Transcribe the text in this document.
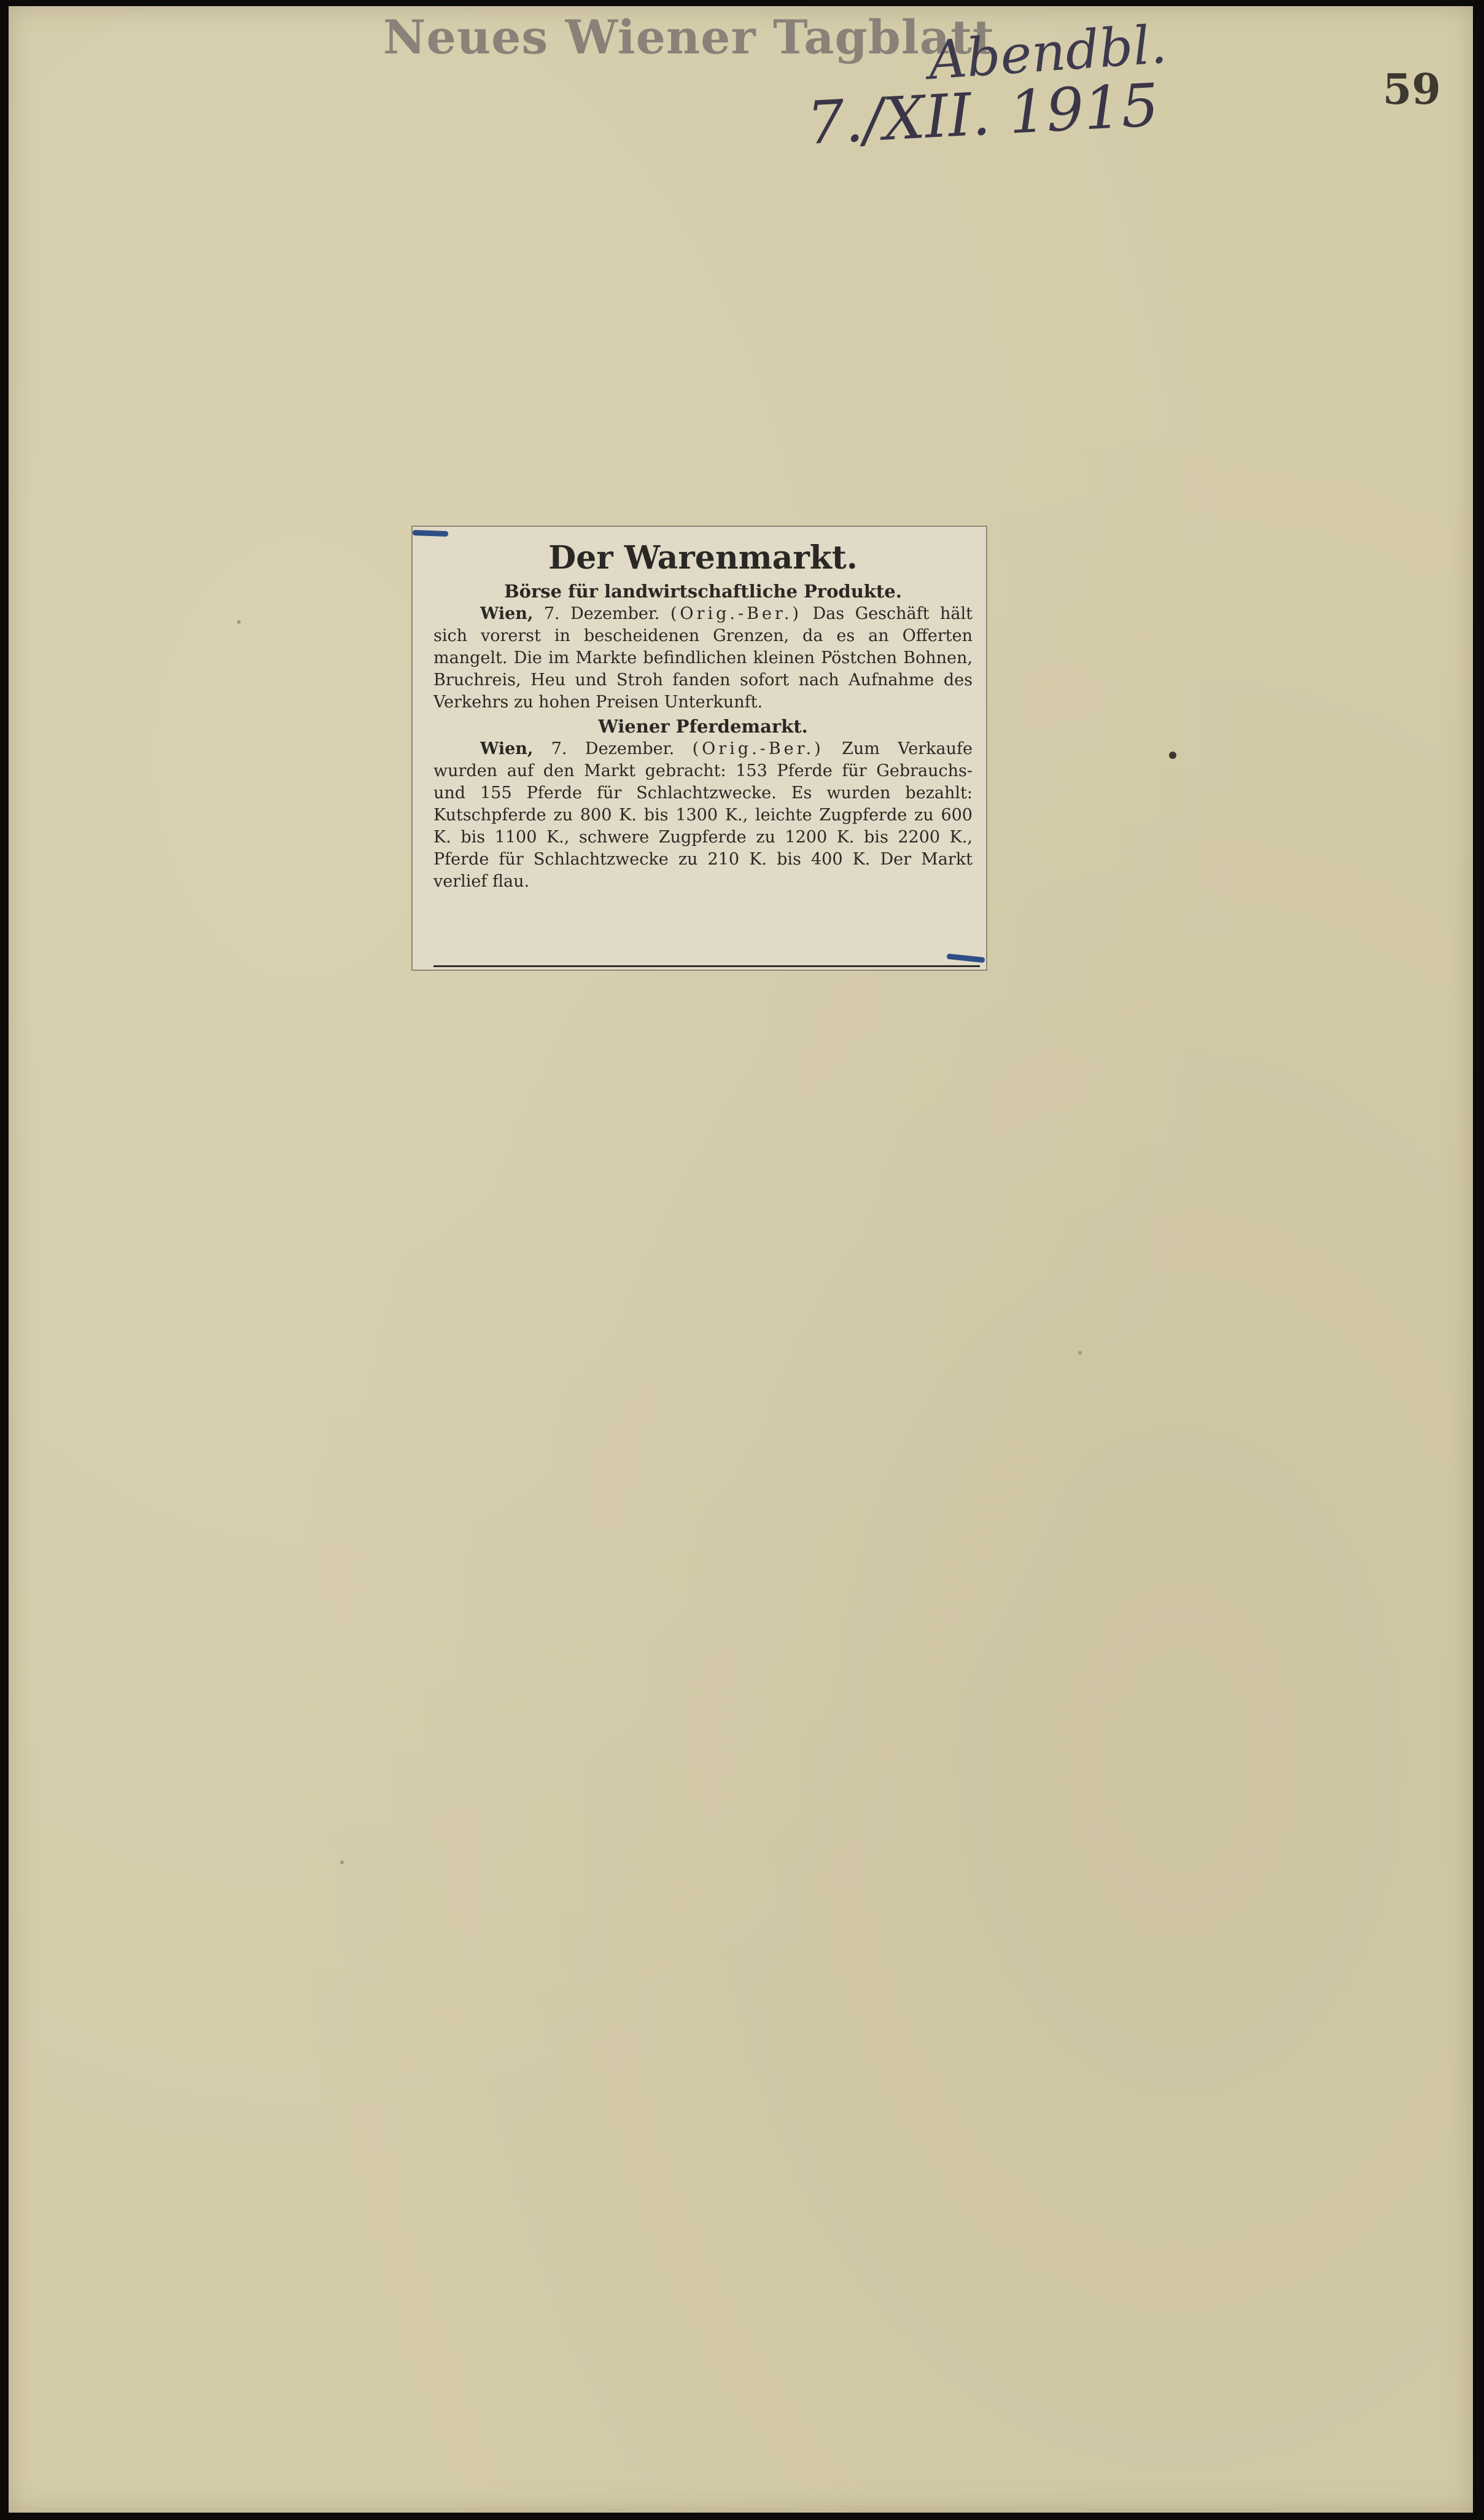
Neues Wiener Tagblatt
Abendbl.
7./XII. 1915	59
Der Warenmarkt.
Börse für landwirtschaftliche Produkte.

Wien, 7. Dezember. (Orig.-Ber.) Das Geschäft hält sich vorerst in bescheidenen Grenzen, da es an Offerten mangelt. Die im Markte befindlichen kleinen Pöstchen Bohnen, Bruchreis, Heu und Stroh fanden sofort nach Aufnahme des Verkehrs zu hohen Preisen Unterkunft.

Wiener Pferdemarkt.

Wien, 7. Dezember. (Orig.-Ber.) Zum Verkaufe wurden auf den Markt gebracht: 153 Pferde für Gebrauchs- und 155 Pferde für Schlachtzwecke. Es wurden bezahlt: Kutschpferde zu 800 K. bis 1300 K., leichte Zugpferde zu 600 K. bis 1100 K., schwere Zugpferde zu 1200 K. bis 2200 K., Pferde für Schlachtzwecke zu 210 K. bis 400 K. Der Markt verlief flau.
